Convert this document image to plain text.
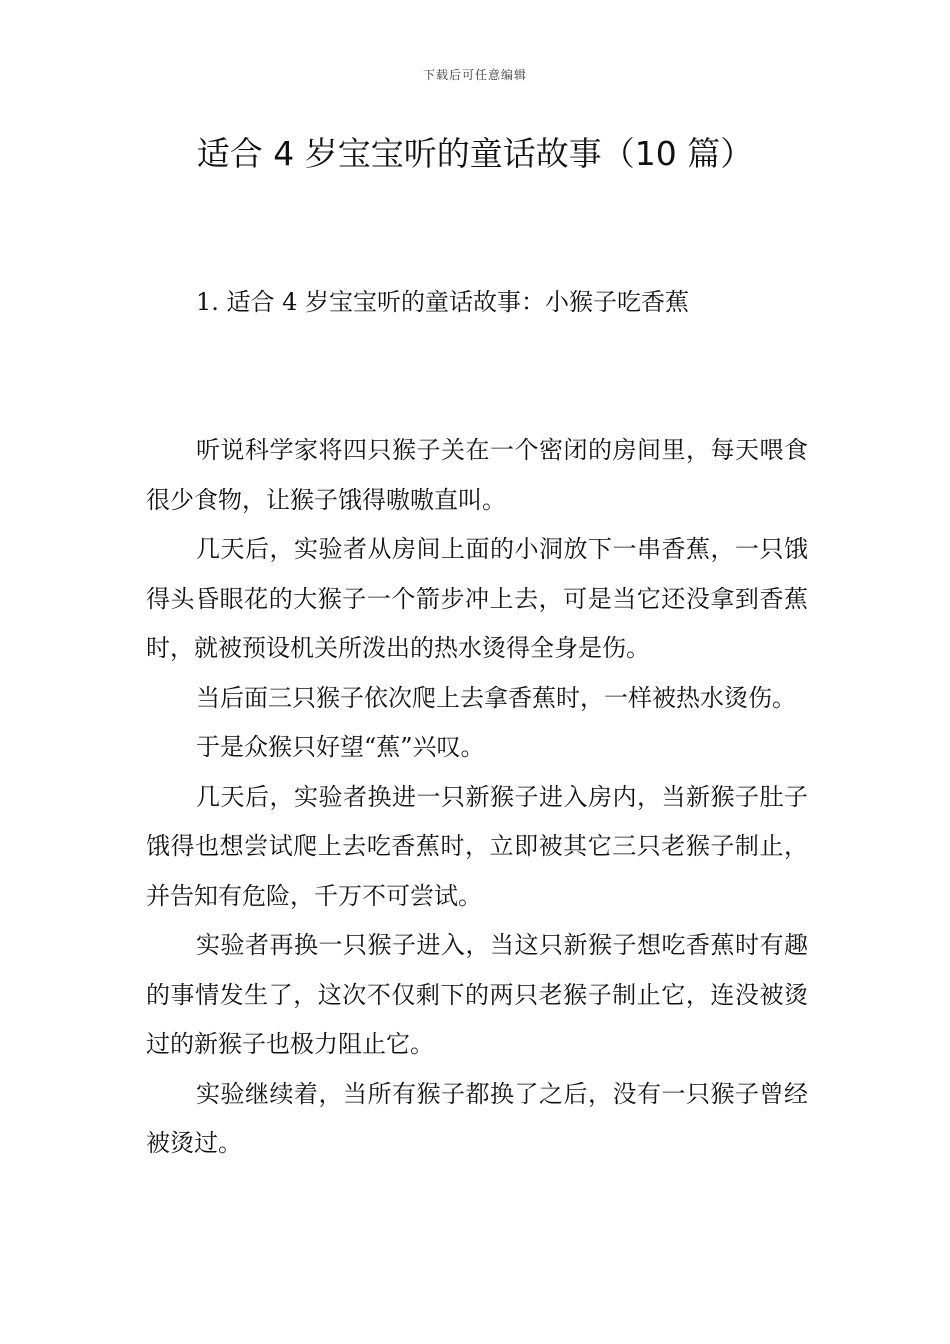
下载后可任意编辑
适合 4 岁宝宝听的童话故事（10 篇）
1. 适合 4 岁宝宝听的童话故事：小猴子吃香蕉

听说科学家将四只猴子关在一个密闭的房间里，每天喂食很少食物，让猴子饿得嗷嗷直叫。

几天后，实验者从房间上面的小洞放下一串香蕉，一只饿得头昏眼花的大猴子一个箭步冲上去，可是当它还没拿到香蕉时，就被预设机关所泼出的热水烫得全身是伤。

当后面三只猴子依次爬上去拿香蕉时，一样被热水烫伤。

于是众猴只好望“蕉”兴叹。

几天后，实验者换进一只新猴子进入房内，当新猴子肚子饿得也想尝试爬上去吃香蕉时，立即被其它三只老猴子制止，并告知有危险，千万不可尝试。

实验者再换一只猴子进入，当这只新猴子想吃香蕉时有趣的事情发生了，这次不仅剩下的两只老猴子制止它，连没被烫过的新猴子也极力阻止它。

实验继续着，当所有猴子都换了之后，没有一只猴子曾经被烫过。
